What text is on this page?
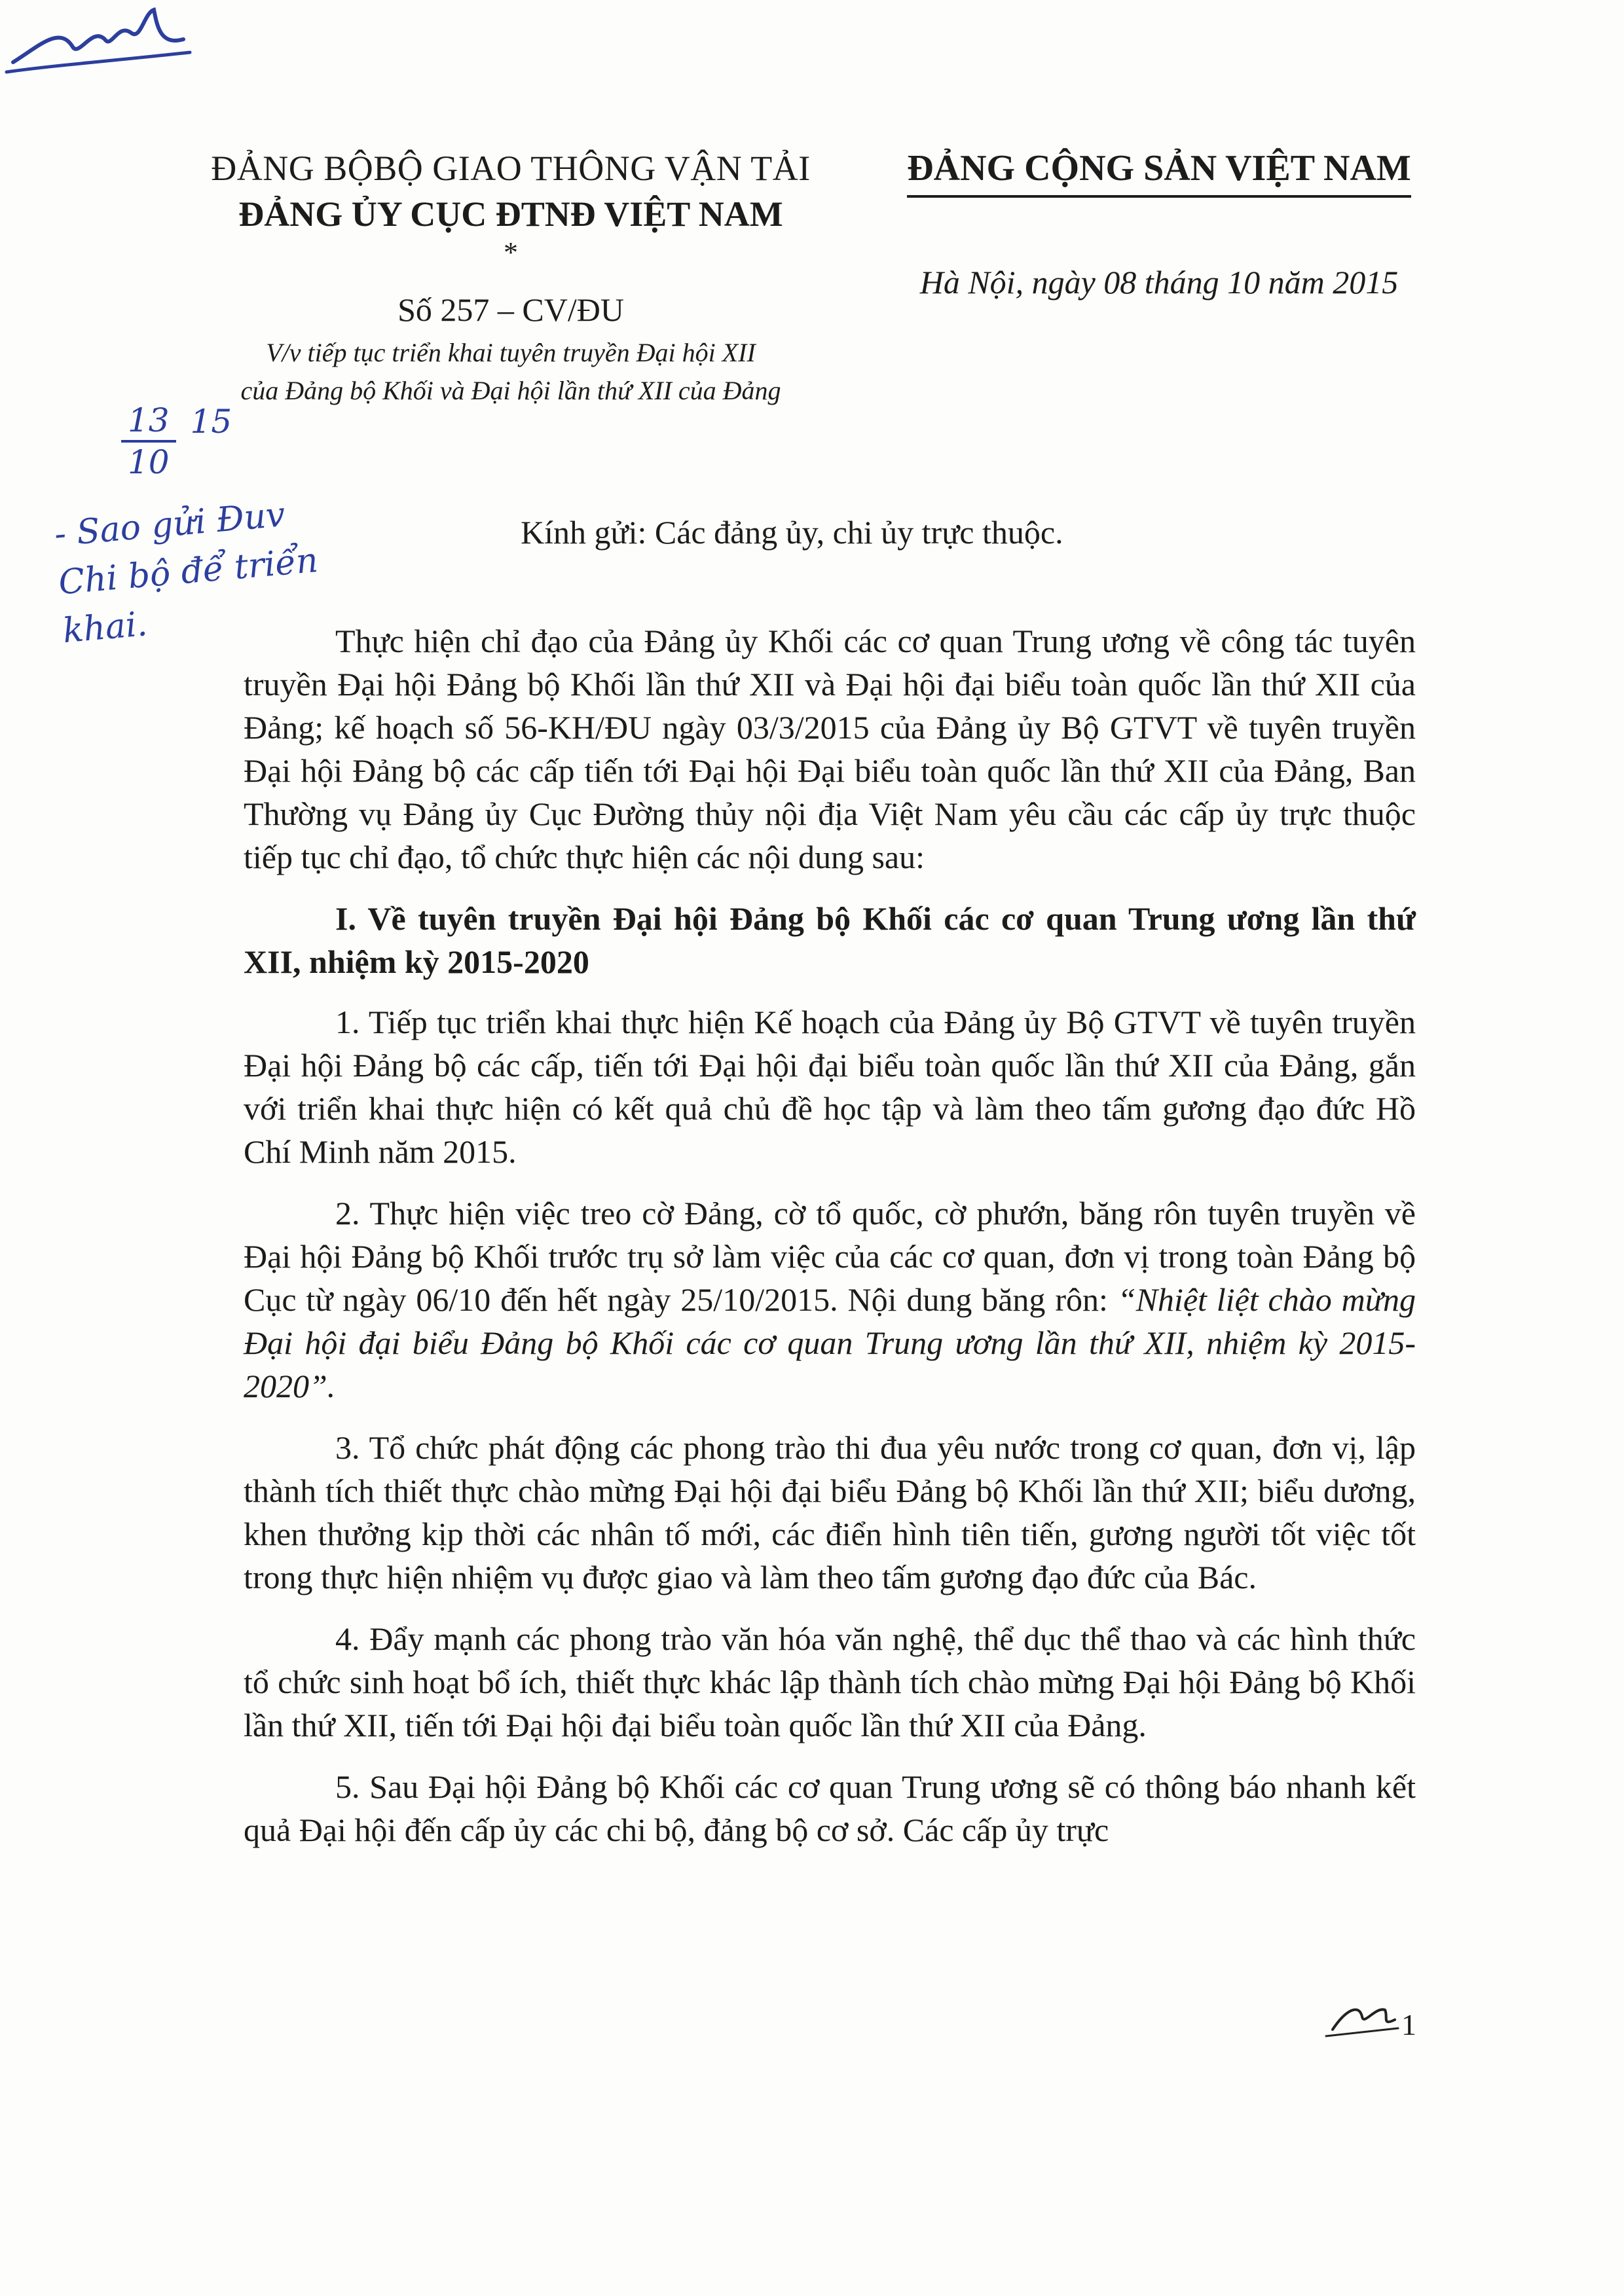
ĐẢNG BỘBỘ GIAO THÔNG VẬN TẢI
ĐẢNG ỦY CỤC ĐTNĐ VIỆT NAM
*
Số 257 – CV/ĐU
V/v tiếp tục triển khai tuyên truyền Đại hội XII
của Đảng bộ Khối và Đại hội lần thứ XII của Đảng
ĐẢNG CỘNG SẢN VIỆT NAM
Hà Nội, ngày 08 tháng 10 năm 2015
$\frac{13}{10} 15$
- Sao gửi Đuv
Chi bộ để triển
khai.
Kính gửi: Các đảng ủy, chi ủy trực thuộc.

Thực hiện chỉ đạo của Đảng ủy Khối các cơ quan Trung ương về công tác tuyên truyền Đại hội Đảng bộ Khối lần thứ XII và Đại hội đại biểu toàn quốc lần thứ XII của Đảng; kế hoạch số 56-KH/ĐU ngày 03/3/2015 của Đảng ủy Bộ GTVT về tuyên truyền Đại hội Đảng bộ các cấp tiến tới Đại hội Đại biểu toàn quốc lần thứ XII của Đảng, Ban Thường vụ Đảng ủy Cục Đường thủy nội địa Việt Nam yêu cầu các cấp ủy trực thuộc tiếp tục chỉ đạo, tổ chức thực hiện các nội dung sau:

I. Về tuyên truyền Đại hội Đảng bộ Khối các cơ quan Trung ương lần thứ XII, nhiệm kỳ 2015-2020

1. Tiếp tục triển khai thực hiện Kế hoạch của Đảng ủy Bộ GTVT về tuyên truyền Đại hội Đảng bộ các cấp, tiến tới Đại hội đại biểu toàn quốc lần thứ XII của Đảng, gắn với triển khai thực hiện có kết quả chủ đề học tập và làm theo tấm gương đạo đức Hồ Chí Minh năm 2015.

2. Thực hiện việc treo cờ Đảng, cờ tổ quốc, cờ phướn, băng rôn tuyên truyền về Đại hội Đảng bộ Khối trước trụ sở làm việc của các cơ quan, đơn vị trong toàn Đảng bộ Cục từ ngày 06/10 đến hết ngày 25/10/2015. Nội dung băng rôn: “Nhiệt liệt chào mừng Đại hội đại biểu Đảng bộ Khối các cơ quan Trung ương lần thứ XII, nhiệm kỳ 2015-2020”.

3. Tổ chức phát động các phong trào thi đua yêu nước trong cơ quan, đơn vị, lập thành tích thiết thực chào mừng Đại hội đại biểu Đảng bộ Khối lần thứ XII; biểu dương, khen thưởng kịp thời các nhân tố mới, các điển hình tiên tiến, gương người tốt việc tốt trong thực hiện nhiệm vụ được giao và làm theo tấm gương đạo đức của Bác.

4. Đẩy mạnh các phong trào văn hóa văn nghệ, thể dục thể thao và các hình thức tổ chức sinh hoạt bổ ích, thiết thực khác lập thành tích chào mừng Đại hội Đảng bộ Khối lần thứ XII, tiến tới Đại hội đại biểu toàn quốc lần thứ XII của Đảng.

5. Sau Đại hội Đảng bộ Khối các cơ quan Trung ương sẽ có thông báo nhanh kết quả Đại hội đến cấp ủy các chi bộ, đảng bộ cơ sở. Các cấp ủy trực

1
